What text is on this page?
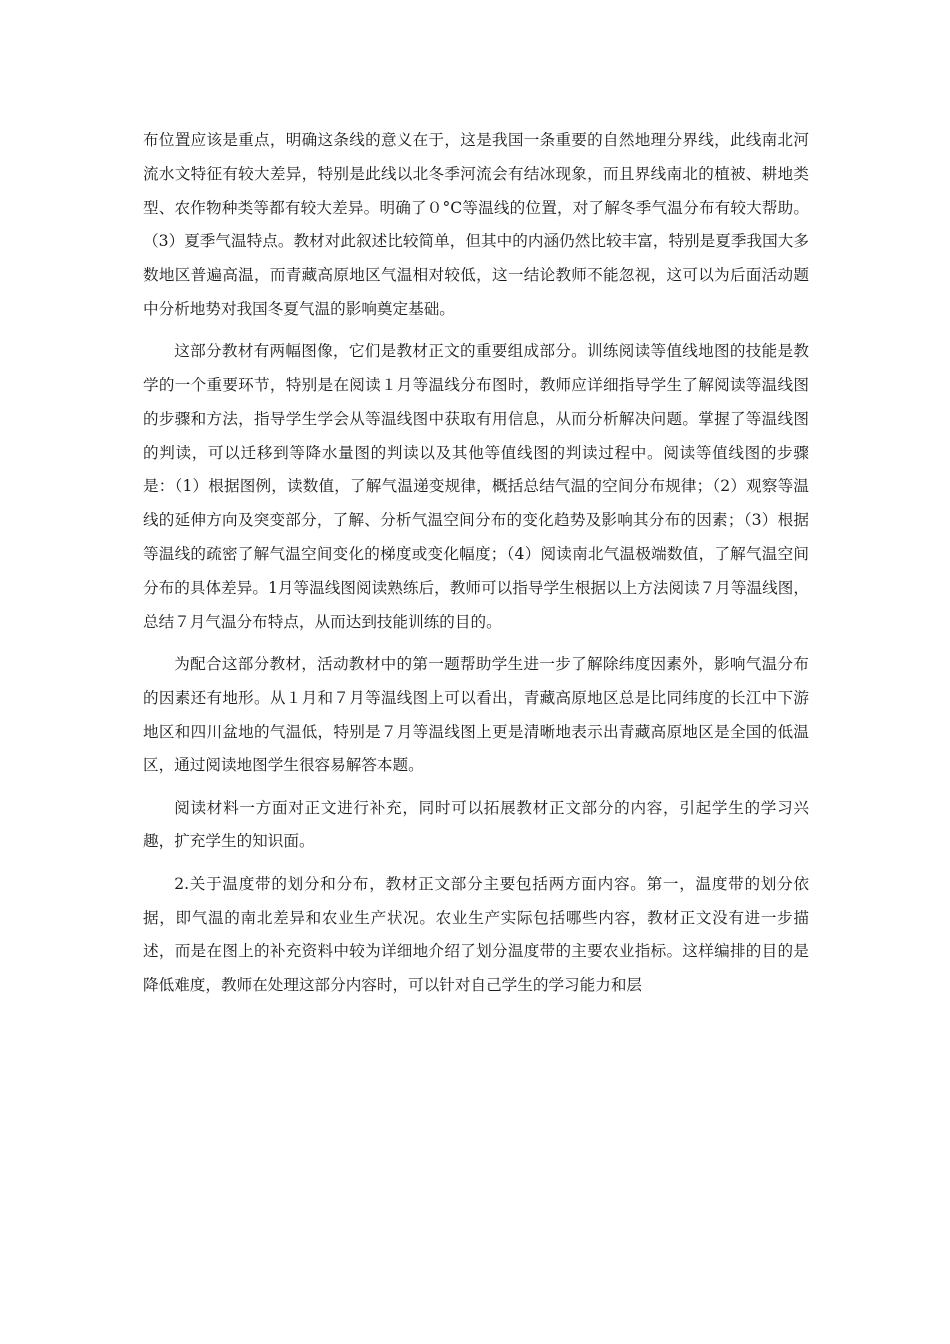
布位置应该是重点，明确这条线的意义在于，这是我国一条重要的自然地理分界线，此线南北河流水文特征有较大差异，特别是此线以北冬季河流会有结冰现象，而且界线南北的植被、耕地类型、农作物种类等都有较大差异。明确了０°C等温线的位置，对了解冬季气温分布有较大帮助。（3）夏季气温特点。教材对此叙述比较简单，但其中的内涵仍然比较丰富，特别是夏季我国大多数地区普遍高温，而青藏高原地区气温相对较低，这一结论教师不能忽视，这可以为后面活动题中分析地势对我国冬夏气温的影响奠定基础。

这部分教材有两幅图像，它们是教材正文的重要组成部分。训练阅读等值线地图的技能是教学的一个重要环节，特别是在阅读１月等温线分布图时，教师应详细指导学生了解阅读等温线图的步骤和方法，指导学生学会从等温线图中获取有用信息，从而分析解决问题。掌握了等温线图的判读，可以迁移到等降水量图的判读以及其他等值线图的判读过程中。阅读等值线图的步骤是：（1）根据图例，读数值，了解气温递变规律，概括总结气温的空间分布规律；（2）观察等温线的延伸方向及突变部分，了解、分析气温空间分布的变化趋势及影响其分布的因素；（3）根据等温线的疏密了解气温空间变化的梯度或变化幅度；（4）阅读南北气温极端数值，了解气温空间分布的具体差异。1月等温线图阅读熟练后，教师可以指导学生根据以上方法阅读７月等温线图，总结７月气温分布特点，从而达到技能训练的目的。

为配合这部分教材，活动教材中的第一题帮助学生进一步了解除纬度因素外，影响气温分布的因素还有地形。从１月和７月等温线图上可以看出，青藏高原地区总是比同纬度的长江中下游地区和四川盆地的气温低，特别是７月等温线图上更是清晰地表示出青藏高原地区是全国的低温区，通过阅读地图学生很容易解答本题。

阅读材料一方面对正文进行补充，同时可以拓展教材正文部分的内容，引起学生的学习兴趣，扩充学生的知识面。

2.关于温度带的划分和分布，教材正文部分主要包括两方面内容。第一，温度带的划分依据，即气温的南北差异和农业生产状况。农业生产实际包括哪些内容，教材正文没有进一步描述，而是在图上的补充资料中较为详细地介绍了划分温度带的主要农业指标。这样编排的目的是降低难度，教师在处理这部分内容时，可以针对自己学生的学习能力和层
